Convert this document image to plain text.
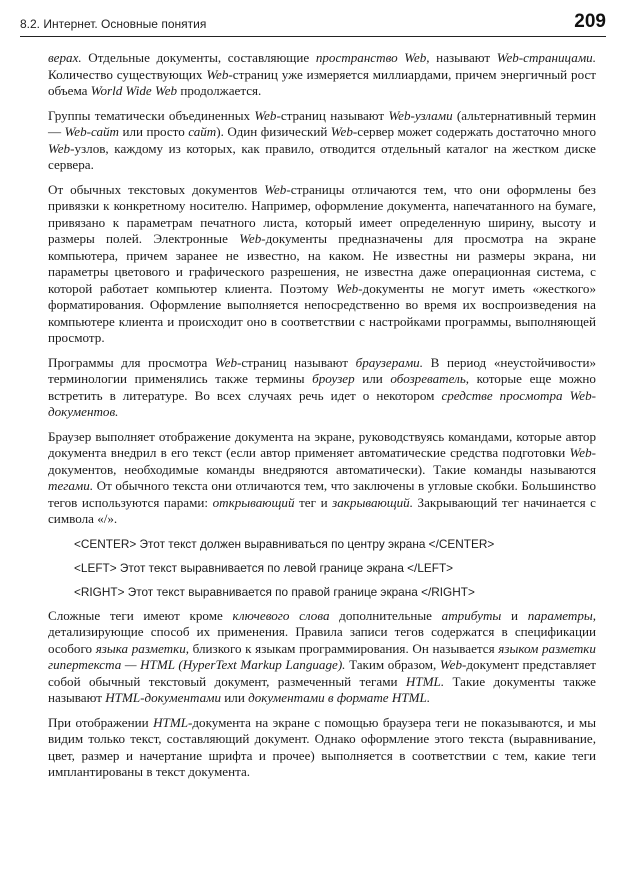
8.2. Интернет. Основные понятия	209

верах. Отдельные документы, составляющие пространство Web, называют Web-страницами. Количество существующих Web-страниц уже измеряется миллиардами, причем энергичный рост объема World Wide Web продолжается.

Группы тематически объединенных Web-страниц называют Web-узлами (альтернативный термин — Web-сайт или просто сайт). Один физический Web-сервер может содержать достаточно много Web-узлов, каждому из которых, как правило, отводится отдельный каталог на жестком диске сервера.

От обычных текстовых документов Web-страницы отличаются тем, что они оформлены без привязки к конкретному носителю. Например, оформление документа, напечатанного на бумаге, привязано к параметрам печатного листа, который имеет определенную ширину, высоту и размеры полей. Электронные Web-документы предназначены для просмотра на экране компьютера, причем заранее не известно, на каком. Не известны ни размеры экрана, ни параметры цветового и графического разрешения, не известна даже операционная система, с которой работает компьютер клиента. Поэтому Web-документы не могут иметь «жесткого» форматирования. Оформление выполняется непосредственно во время их воспроизведения на компьютере клиента и происходит оно в соответствии с настройками программы, выполняющей просмотр.

Программы для просмотра Web-страниц называют браузерами. В период «неустойчивости» терминологии применялись также термины броузер или обозреватель, которые еще можно встретить в литературе. Во всех случаях речь идет о некотором средстве просмотра Web-документов.

Браузер выполняет отображение документа на экране, руководствуясь командами, которые автор документа внедрил в его текст (если автор применяет автоматические средства подготовки Web-документов, необходимые команды внедряются автоматически). Такие команды называются тегами. От обычного текста они отличаются тем, что заключены в угловые скобки. Большинство тегов используются парами: открывающий тег и закрывающий. Закрывающий тег начинается с символа «/».

<CENTER> Этот текст должен выравниваться по центру экрана </CENTER>
<LEFT> Этот текст выравнивается по левой границе экрана </LEFT>
<RIGHT> Этот текст выравнивается по правой границе экрана </RIGHT>

Сложные теги имеют кроме ключевого слова дополнительные атрибуты и параметры, детализирующие способ их применения. Правила записи тегов содержатся в спецификации особого языка разметки, близкого к языкам программирования. Он называется языком разметки гипертекста — HTML (HyperText Markup Language). Таким образом, Web-документ представляет собой обычный текстовый документ, размеченный тегами HTML. Такие документы также называют HTML-документами или документами в формате HTML.

При отображении HTML-документа на экране с помощью браузера теги не показываются, и мы видим только текст, составляющий документ. Однако оформление этого текста (выравнивание, цвет, размер и начертание шрифта и прочее) выполняется в соответствии с тем, какие теги имплантированы в текст документа.
